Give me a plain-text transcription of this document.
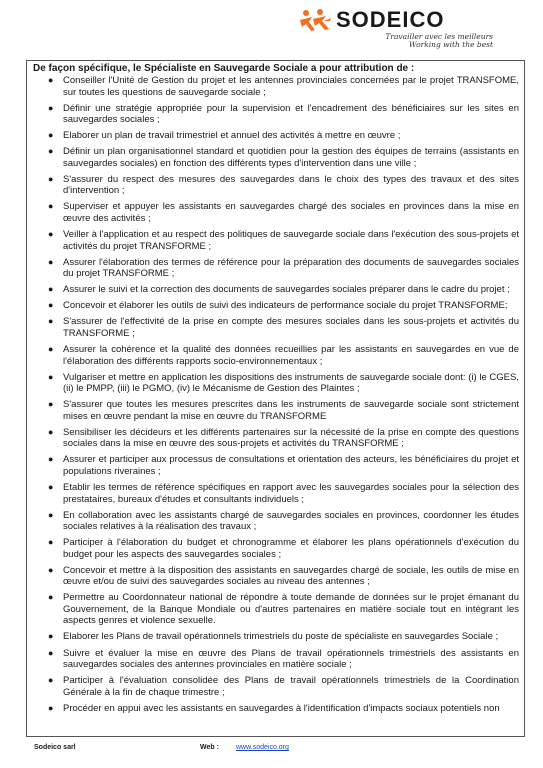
SODEICO
Travailler avec les meilleurs
Working with the best
De façon spécifique, le Spécialiste en Sauvegarde Sociale a pour attribution de :
● Conseiller l'Unité de Gestion du projet et les antennes provinciales concernées par le projet TRANSFOME, sur toutes les questions de sauvegarde sociale ;
● Définir une stratégie appropriée pour la supervision et l'encadrement des bénéficiaires sur les sites en sauvegardes sociales ;
● Elaborer un plan de travail trimestriel et annuel des activités à mettre en œuvre ;
● Définir un plan organisationnel standard et quotidien pour la gestion des équipes de terrains (assistants en sauvegardes sociales) en fonction des différents types d'intervention dans une ville ;
● S'assurer du respect des mesures des sauvegardes dans le choix des types des travaux et des sites d'intervention ;
● Superviser et appuyer les assistants en sauvegardes chargé des sociales en provinces dans la mise en œuvre des activités ;
● Veiller à l'application et au respect des politiques de sauvegarde sociale dans l'exécution des sous-projets et activités du projet TRANSFORME ;
● Assurer l'élaboration des termes de référence pour la préparation des documents de sauvegardes sociales du projet TRANSFORME ;
● Assurer le suivi et la correction des documents de sauvegardes sociales préparer dans le cadre du projet ;
● Concevoir et élaborer les outils de suivi des indicateurs de performance sociale du projet TRANSFORME;
● S'assurer de l'effectivité de la prise en compte des mesures sociales dans les sous-projets et activités du TRANSFORME ;
● Assurer la cohérence et la qualité des données recueillies par les assistants en sauvegardes en vue de l'élaboration des différents rapports socio-environnementaux ;
● Vulgariser et mettre en application les dispositions des instruments de sauvegarde sociale dont: (i) le CGES, (ii) le PMPP, (iii) le PGMO, (iv) le Mécanisme de Gestion des Plaintes ;
● S'assurer que toutes les mesures prescrites dans les instruments de sauvegarde sociale sont strictement mises en œuvre pendant la mise en œuvre du TRANSFORME
● Sensibiliser les décideurs et les différents partenaires sur la nécessité de la prise en compte des questions sociales dans la mise en œuvre des sous-projets et activités du TRANSFORME ;
● Assurer et participer aux processus de consultations et orientation des acteurs, les bénéficiaires du projet et populations riveraines ;
● Etablir les termes de référence spécifiques en rapport avec les sauvegardes sociales pour la sélection des prestataires, bureaux d'études et consultants individuels ;
● En collaboration avec les assistants chargé de sauvegardes sociales en provinces, coordonner les études sociales relatives à la réalisation des travaux ;
● Participer à l'élaboration du budget et chronogramme et élaborer les plans opérationnels d'exécution du budget pour les aspects des sauvegardes sociales ;
● Concevoir et mettre à la disposition des assistants en sauvegardes chargé de sociale, les outils de mise en œuvre et/ou de suivi des sauvegardes sociales au niveau des antennes ;
● Permettre au Coordonnateur national de répondre à toute demande de données sur le projet émanant du Gouvernement, de la Banque Mondiale ou d'autres partenaires en matière sociale tout en intégrant les aspects genres et violence sexuelle.
● Elaborer les Plans de travail opérationnels trimestriels du poste de spécialiste en sauvegardes Sociale ;
● Suivre et évaluer la mise en œuvre des Plans de travail opérationnels trimestriels des assistants en sauvegardes sociales des antennes provinciales en matière sociale ;
● Participer à l'évaluation consolidée des Plans de travail opérationnels trimestriels de la Coordination Générale à la fin de chaque trimestre ;
● Procéder en appui avec les assistants en sauvegardes à l'identification d'impacts sociaux potentiels non
Sodeico sarl	Web : www.sodeico.org
